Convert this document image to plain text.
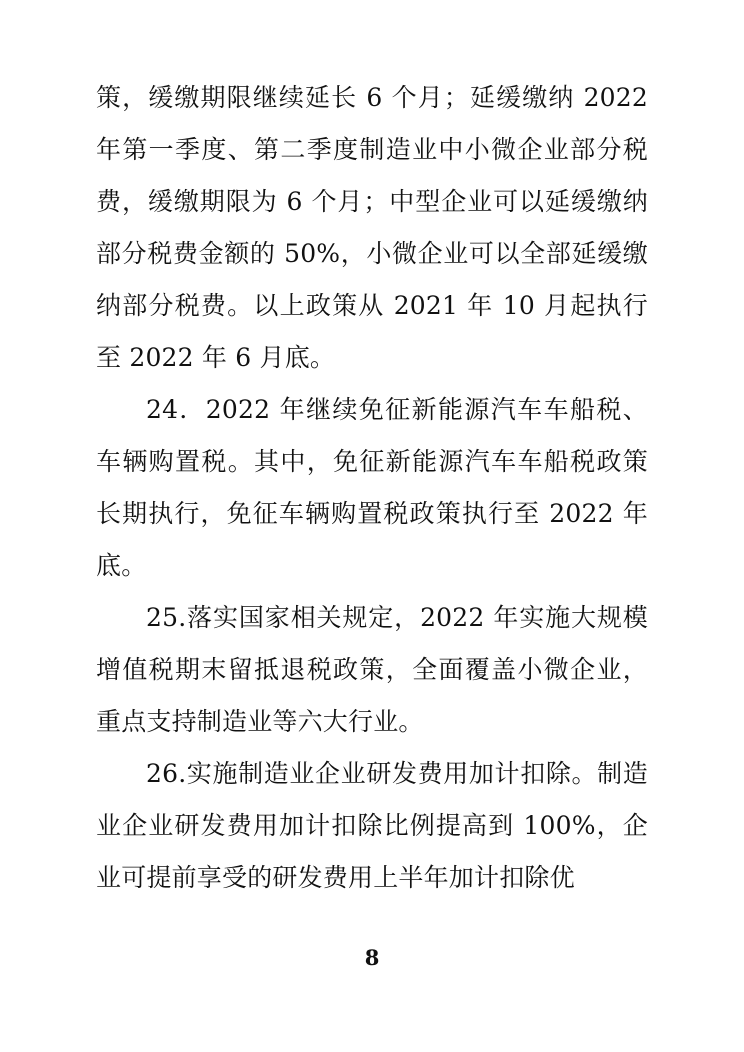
策，缓缴期限继续延长 6 个月；延缓缴纳 2022 年第一季度、第二季度制造业中小微企业部分税费，缓缴期限为 6 个月；中型企业可以延缓缴纳部分税费金额的 50%，小微企业可以全部延缓缴纳部分税费。以上政策从 2021 年 10 月起执行至 2022 年 6 月底。

24．2022 年继续免征新能源汽车车船税、车辆购置税。其中，免征新能源汽车车船税政策长期执行，免征车辆购置税政策执行至 2022 年底。

25.落实国家相关规定，2022 年实施大规模增值税期末留抵退税政策，全面覆盖小微企业，重点支持制造业等六大行业。

26.实施制造业企业研发费用加计扣除。制造业企业研发费用加计扣除比例提高到 100%，企业可提前享受的研发费用上半年加计扣除优

8
